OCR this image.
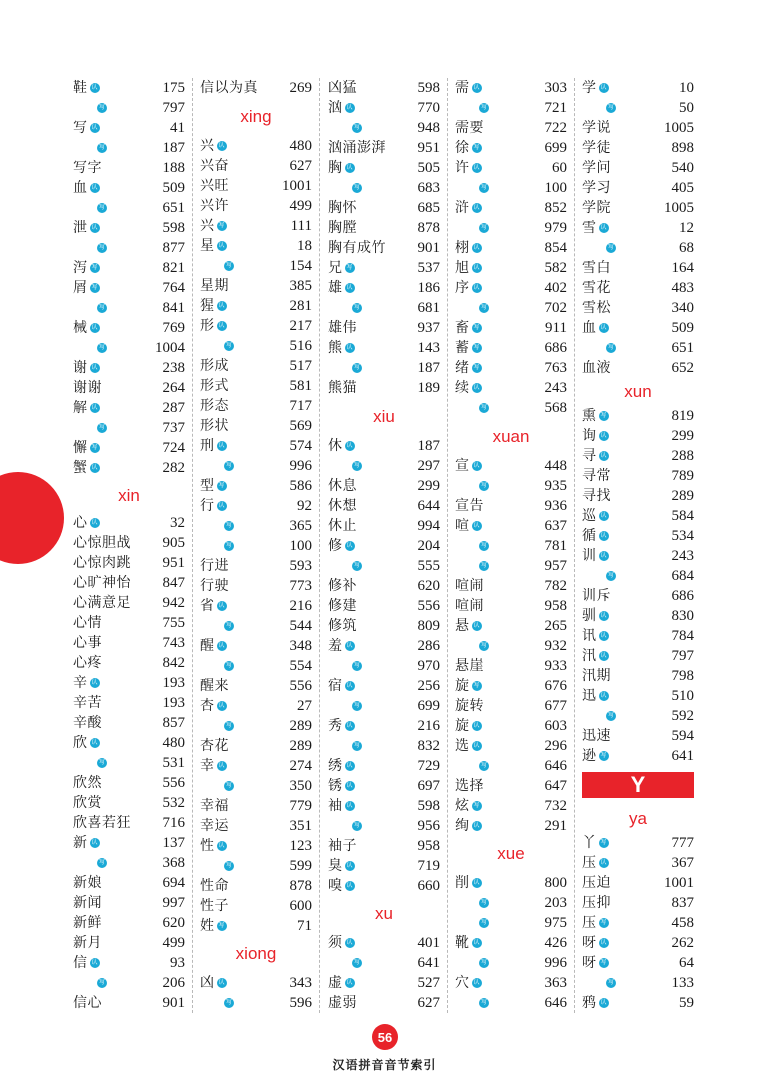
鞋 认	175
写	797
写 认	41
写	187
写字	188
血 认	509
写	651
泄 认	598
写	877
泻 写	821
屑 写	764
写	841
械 认	769
写	1004
谢 认	238
谢谢	264
解 认	287
写	737
懈 写	724
蟹 认	282
xin
心 认	32
心惊胆战 905
心惊肉跳 951
心旷神怡 847
心满意足 942
心情	755
心事	743
心疼	842
辛 认	193
辛苦	193
辛酸	857
欣 认	480
写	531
欣然	556
欣赏	532
欣喜若狂 716
新 认	137
写	368
新娘	694
新闻	997
新鲜	620
新月	499
信 认	93
写	206
信心	901
信以为真 269
xing
兴 认	480
兴奋	627
兴旺	1001
兴许	499
兴 写	111
星 认	18
写	154
星期	385
猩 认	281
形 认	217
写	516
形成	517
形式	581
形态	717
形状	569
刑 认	574
写	996
型 写	586
行 认	92
写	365
写	100
行进	593
行驶	773
省 认	216
写	544
醒 认	348
写	554
醒来	556
杏 认	27
写	289
杏花	289
幸 认	274
写	350
幸福	779
幸运	351
性 认	123
写	599
性命	878
性子	600
姓 写	71
xiong
凶 认	343
写	596
凶猛	598
汹 认	770
写	948
汹涌澎湃 951
胸 认	505
写	683
胸怀	685
胸膛	878
胸有成竹 901
兄 写	537
雄 认	186
写	681
雄伟	937
熊 认	143
写	187
熊猫	189
xiu
休 认	187
写	297
休息	299
休想	644
休止	994
修 认	204
写	555
修补	620
修建	556
修筑	809
羞 认	286
写	970
宿 认	256
写	699
秀 认	216
写	832
绣 认	729
锈 认	697
袖 认	598
写	956
袖子	958
臭 认	719
嗅 认	660
xu
须 认	401
写	641
虚 认	527
虚弱	627
需 认	303
写	721
需要	722
徐 写	699
许 认	60
写	100
浒 认	852
写	979
栩 认	854
旭 认	582
序 认	402
写	702
畜 写	911
蓄 写	686
绪 写	763
续 认	243
写	568
xuan
宣 认	448
写	935
宣告	936
喧 认	637
写	781
写	957
喧闹	782
喧闹	958
悬 认	265
写	932
悬崖	933
旋 写	676
旋转	677
旋 认	603
选 认	296
写	646
选择	647
炫 写	732
绚 认	291
xue
削 认	800
写	203
写	975
靴 认	426
写	996
穴 认	363
写	646
学 认	10
写	50
学说	1005
学徒	898
学问	540
学习	405
学院	1005
雪 认	12
写	68
雪白	164
雪花	483
雪松	340
血 认	509
写	651
血液	652
xun
熏 写	819
询 认	299
寻 认	288
寻常	789
寻找	289
巡 认	584
循 认	534
训 认	243
写	684
训斥	686
驯 认	830
讯 认	784
汛 认	797
汛期	798
迅 认	510
写	592
迅速	594
逊 写	641
Y
ya
丫 写	777
压 认	367
压迫	1001
压抑	837
压 写	458
呀 认	262
呀 写	64
写	133
鸦 认	59
56
汉语拼音音节索引
